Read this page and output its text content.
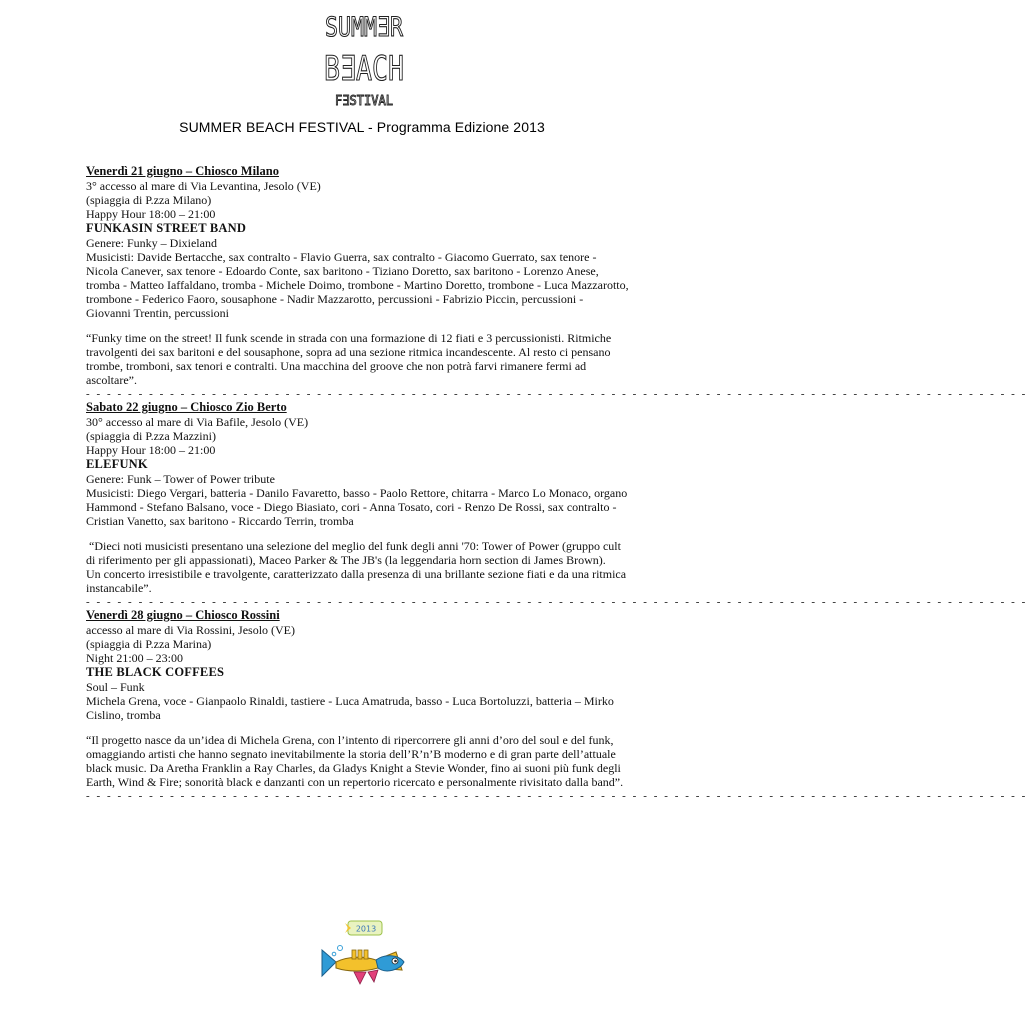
SUMMƎR
BƎACH
FƎSTIVAL
SUMMER BEACH FESTIVAL - Programma Edizione 2013
Venerdì 21 giugno – Chiosco Milano
3° accesso al mare di Via Levantina, Jesolo (VE)
(spiaggia di P.zza Milano)
Happy Hour 18:00 – 21:00
FUNKASIN STREET BAND
Genere: Funky – Dixieland
Musicisti: Davide Bertacche, sax contralto - Flavio Guerra, sax contralto - Giacomo Guerrato, sax tenore -
Nicola Canever, sax tenore - Edoardo Conte, sax baritono - Tiziano Doretto, sax baritono - Lorenzo Anese,
tromba - Matteo Iaffaldano, tromba - Michele Doimo, trombone - Martino Doretto, trombone - Luca Mazzarotto,
trombone - Federico Faoro, sousaphone - Nadir Mazzarotto, percussioni - Fabrizio Piccin, percussioni -
Giovanni Trentin, percussioni
“Funky time on the street! Il funk scende in strada con una formazione di 12 fiati e 3 percussionisti. Ritmiche
travolgenti dei sax baritoni e del sousaphone, sopra ad una sezione ritmica incandescente. Al resto ci pensano
trombe, tromboni, sax tenori e contralti. Una macchina del groove che non potrà farvi rimanere fermi ad
ascoltare”.
- - - - - - - - - - - - - - - - - - - - - - - - - - - - - - - - - - - - - - - - - - - - - - - - - - - - - - - - - - - - - - - - - - - - - - - - - - - - - - - - - - - - - - - - - -
Sabato 22 giugno – Chiosco Zio Berto
30° accesso al mare di Via Bafile, Jesolo (VE)
(spiaggia di P.zza Mazzini)
Happy Hour 18:00 – 21:00
ELEFUNK
Genere: Funk – Tower of Power tribute
Musicisti: Diego Vergari, batteria - Danilo Favaretto, basso - Paolo Rettore, chitarra - Marco Lo Monaco, organo
Hammond - Stefano Balsano, voce - Diego Biasiato, cori - Anna Tosato, cori - Renzo De Rossi, sax contralto -
Cristian Vanetto, sax baritono - Riccardo Terrin, tromba
“Dieci noti musicisti presentano una selezione del meglio del funk degli anni '70: Tower of Power (gruppo cult
di riferimento per gli appassionati), Maceo Parker & The JB's (la leggendaria horn section di James Brown).
Un concerto irresistibile e travolgente, caratterizzato dalla presenza di una brillante sezione fiati e da una ritmica
instancabile”.
- - - - - - - - - - - - - - - - - - - - - - - - - - - - - - - - - - - - - - - - - - - - - - - - - - - - - - - - - - - - - - - - - - - - - - - - - - - - - - - - - - - - - - - - - -
Venerdì 28 giugno – Chiosco Rossini
accesso al mare di Via Rossini, Jesolo (VE)
(spiaggia di P.zza Marina)
Night 21:00 – 23:00
THE BLACK COFFEES
Soul – Funk
Michela Grena, voce - Gianpaolo Rinaldi, tastiere - Luca Amatruda, basso - Luca Bortoluzzi, batteria – Mirko
Cislino, tromba
“Il progetto nasce da un’idea di Michela Grena, con l’intento di ripercorrere gli anni d’oro del soul e del funk,
omaggiando artisti che hanno segnato inevitabilmente la storia dell’R’n’B moderno e di gran parte dell’attuale
black music. Da Aretha Franklin a Ray Charles, da Gladys Knight a Stevie Wonder, fino ai suoni più funk degli
Earth, Wind & Fire; sonorità black e danzanti con un repertorio ricercato e personalmente rivisitato dalla band”.
- - - - - - - - - - - - - - - - - - - - - - - - - - - - - - - - - - - - - - - - - - - - - - - - - - - - - - - - - - - - - - - - - - - - - - - - - - - - - - - - - - - - - - - - - -
2013
